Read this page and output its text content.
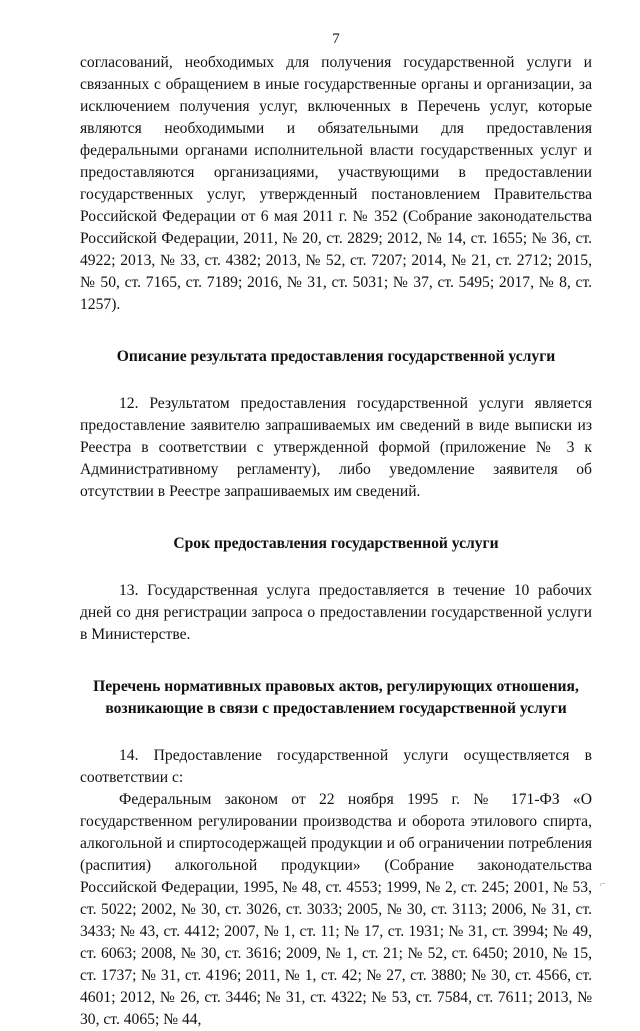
7

согласований, необходимых для получения государственной услуги и связанных с обращением в иные государственные органы и организации, за исключением получения услуг, включенных в Перечень услуг, которые являются необходимыми и обязательными для предоставления федеральными органами исполнительной власти государственных услуг и предоставляются организациями, участвующими в предоставлении государственных услуг, утвержденный постановлением Правительства Российской Федерации от 6 мая 2011 г. № 352 (Собрание законодательства Российской Федерации, 2011, № 20, ст. 2829; 2012, № 14, ст. 1655; № 36, ст. 4922; 2013, № 33, ст. 4382; 2013, № 52, ст. 7207; 2014, № 21, ст. 2712; 2015, № 50, ст. 7165, ст. 7189; 2016, № 31, ст. 5031; № 37, ст. 5495; 2017, № 8, ст. 1257).

Описание результата предоставления государственной услуги

12. Результатом предоставления государственной услуги является предоставление заявителю запрашиваемых им сведений в виде выписки из Реестра в соответствии с утвержденной формой (приложение № 3 к Административному регламенту), либо уведомление заявителя об отсутствии в Реестре запрашиваемых им сведений.

Срок предоставления государственной услуги

13. Государственная услуга предоставляется в течение 10 рабочих дней со дня регистрации запроса о предоставлении государственной услуги в Министерстве.

Перечень нормативных правовых актов, регулирующих отношения,
возникающие в связи с предоставлением государственной услуги

14. Предоставление государственной услуги осуществляется в соответствии с:

Федеральным законом от 22 ноября 1995 г. № 171-ФЗ «О государственном регулировании производства и оборота этилового спирта, алкогольной и спиртосодержащей продукции и об ограничении потребления (распития) алкогольной продукции» (Собрание законодательства Российской Федерации, 1995, № 48, ст. 4553; 1999, № 2, ст. 245; 2001, № 53, ст. 5022; 2002, № 30, ст. 3026, ст. 3033; 2005, № 30, ст. 3113; 2006, № 31, ст. 3433; № 43, ст. 4412; 2007, № 1, ст. 11; № 17, ст. 1931; № 31, ст. 3994; № 49, ст. 6063; 2008, № 30, ст. 3616; 2009, № 1, ст. 21; № 52, ст. 6450; 2010, № 15, ст. 1737; № 31, ст. 4196; 2011, № 1, ст. 42; № 27, ст. 3880; № 30, ст. 4566, ст. 4601; 2012, № 26, ст. 3446; № 31, ст. 4322; № 53, ст. 7584, ст. 7611; 2013, № 30, ст. 4065; № 44,

⌐
